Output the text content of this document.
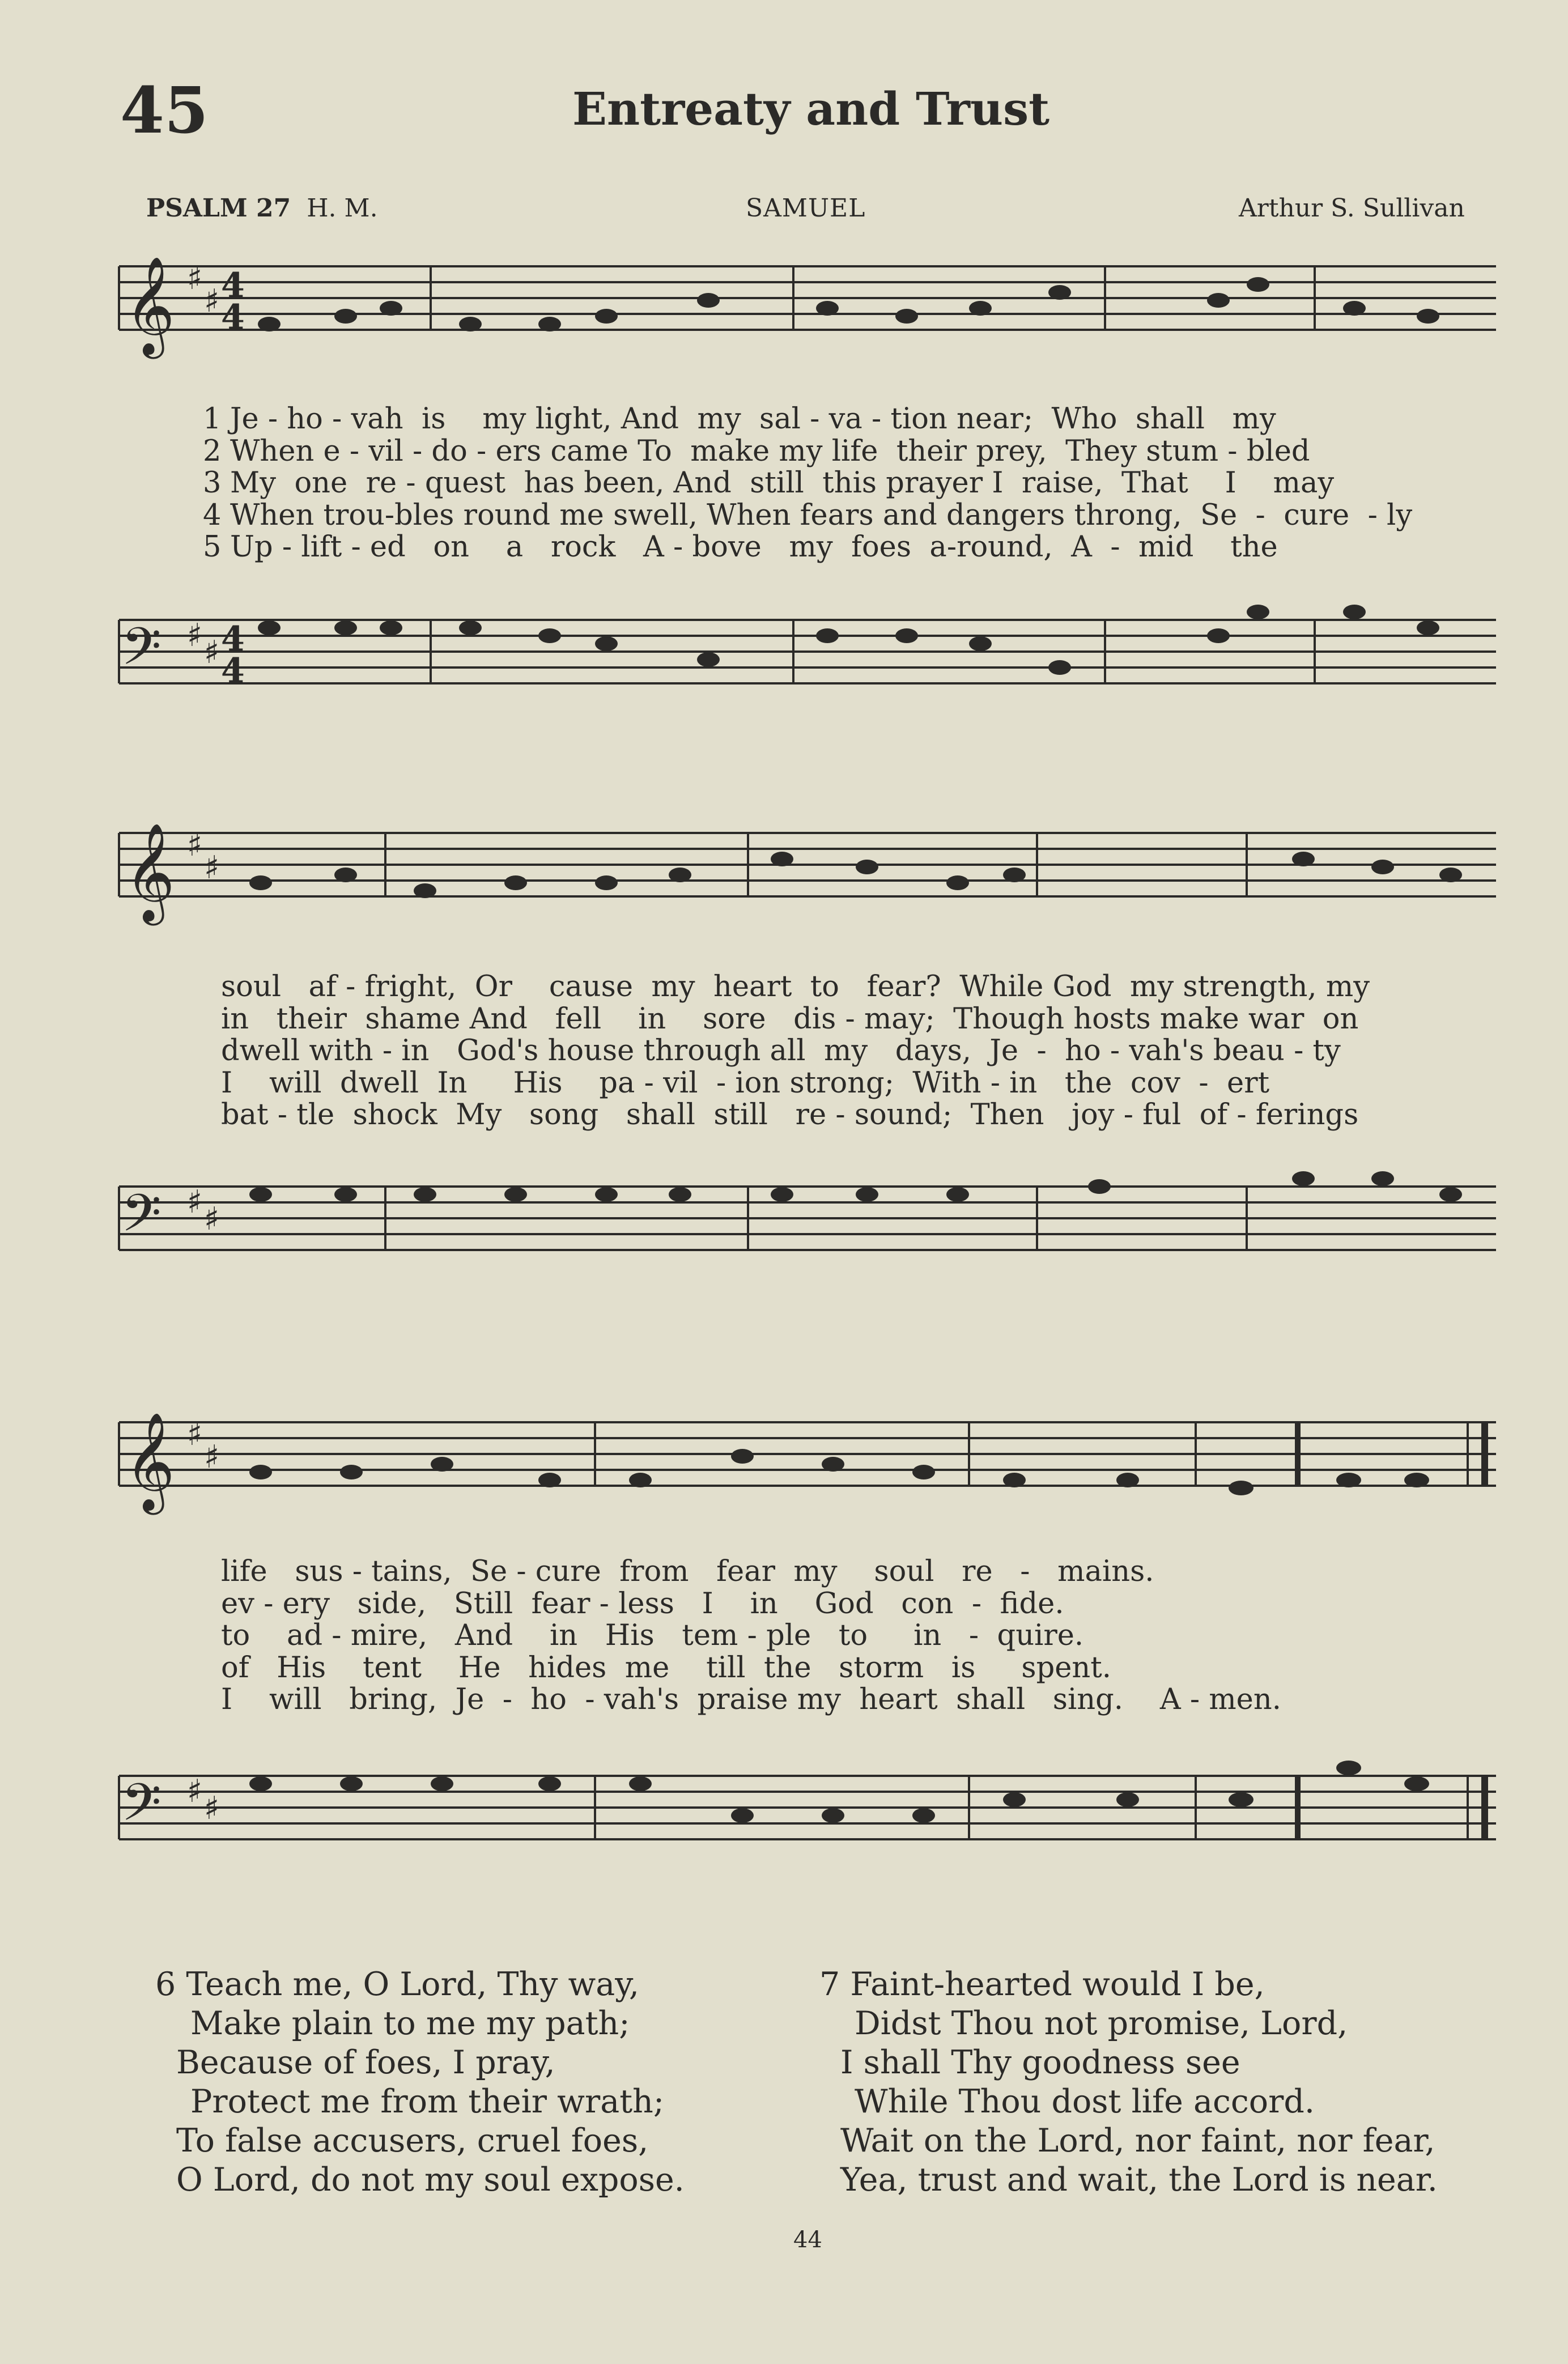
45	Entreaty and Trust
PSALM 27 H. M.	SAMUEL	Arthur S. Sullivan
𝄞 ♯
♯ 4
4
1 Je - ho - vah  is    my light, And  my  sal - va - tion near;  Who  shall   my
2 When e - vil - do - ers came To  make my life  their prey,  They stum - bled
3 My  one  re - quest  has been, And  still  this prayer I  raise,  That    I    may
4 When trou-bles round me swell, When fears and dangers throng,  Se  -  cure  - ly
5 Up - lift - ed   on    a   rock   A - bove   my  foes  a-round,  A  -  mid    the
𝄢 ♯ ♯ 4
4
𝄞 ♯
♯
soul   af - fright,  Or    cause  my  heart  to   fear?  While God  my strength, my
in   their  shame And   fell    in    sore   dis - may;  Though hosts make war  on
dwell with - in   God's house through all  my   days,  Je  -  ho - vah's beau - ty
I    will  dwell  In     His    pa - vil  - ion strong;  With - in   the  cov  -  ert
bat - tle  shock  My   song   shall  still   re - sound;  Then   joy - ful  of - ferings
𝄢 ♯ ♯
𝄞 ♯
♯
life   sus - tains,  Se - cure  from   fear  my    soul   re   -   mains.
ev - ery   side,   Still  fear - less   I    in    God   con  -  fide.
to    ad - mire,   And    in   His   tem - ple   to     in   -  quire.
of   His    tent    He   hides  me    till  the   storm   is     spent.
I    will   bring,  Je  -  ho  - vah's  praise my  heart  shall   sing.    A - men.
𝄢 ♯ ♯
6 Teach me, O Lord, Thy way,
Make plain to me my path;
Because of foes, I pray,
Protect me from their wrath;
To false accusers, cruel foes,
O Lord, do not my soul expose.
7 Faint-hearted would I be,
Didst Thou not promise, Lord,
I shall Thy goodness see
While Thou dost life accord.
Wait on the Lord, nor faint, nor fear,
Yea, trust and wait, the Lord is near.
44
